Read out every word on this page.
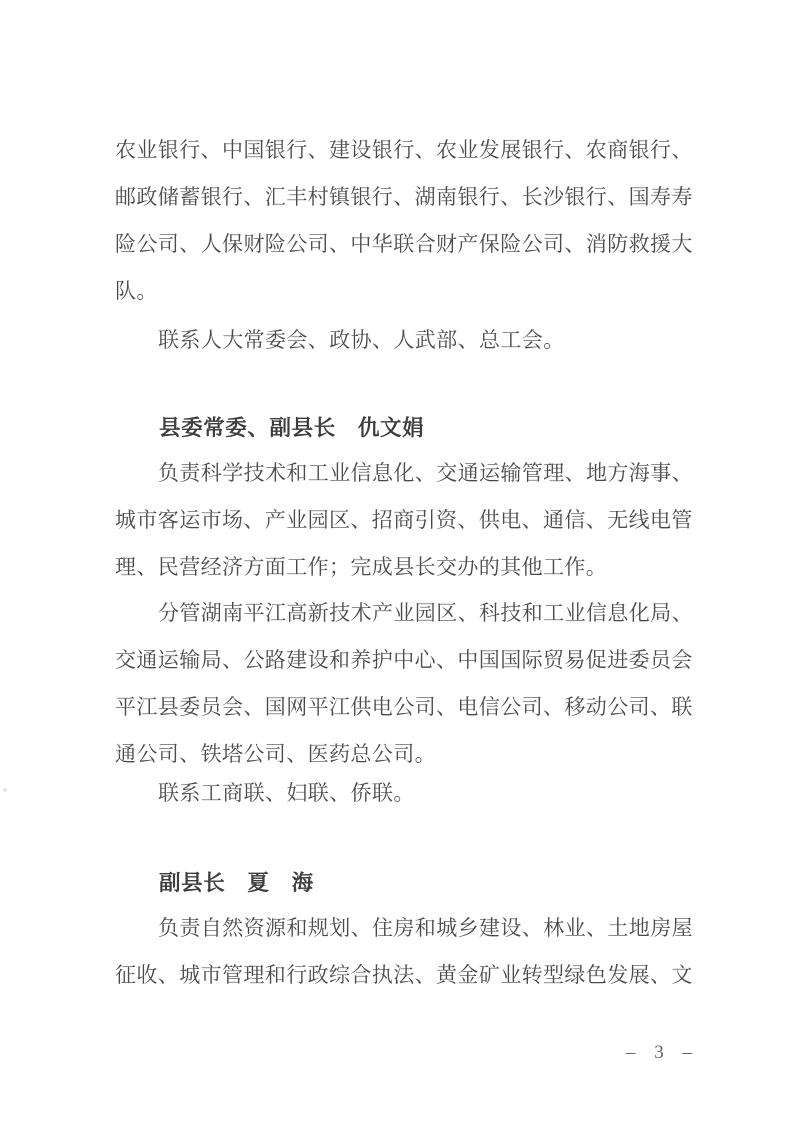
农业银行、中国银行、建设银行、农业发展银行、农商银行、
邮政储蓄银行、汇丰村镇银行、湖南银行、长沙银行、国寿寿
险公司、人保财险公司、中华联合财产保险公司、消防救援大
队。
联系人大常委会、政协、人武部、总工会。
县委常委、副县长　仇文娟
负责科学技术和工业信息化、交通运输管理、地方海事、
城市客运市场、产业园区、招商引资、供电、通信、无线电管
理、民营经济方面工作；完成县长交办的其他工作。
分管湖南平江高新技术产业园区、科技和工业信息化局、
交通运输局、公路建设和养护中心、中国国际贸易促进委员会
平江县委员会、国网平江供电公司、电信公司、移动公司、联
通公司、铁塔公司、医药总公司。
联系工商联、妇联、侨联。
副县长　夏　海
负责自然资源和规划、住房和城乡建设、林业、土地房屋
征收、城市管理和行政综合执法、黄金矿业转型绿色发展、文
– 3 –
